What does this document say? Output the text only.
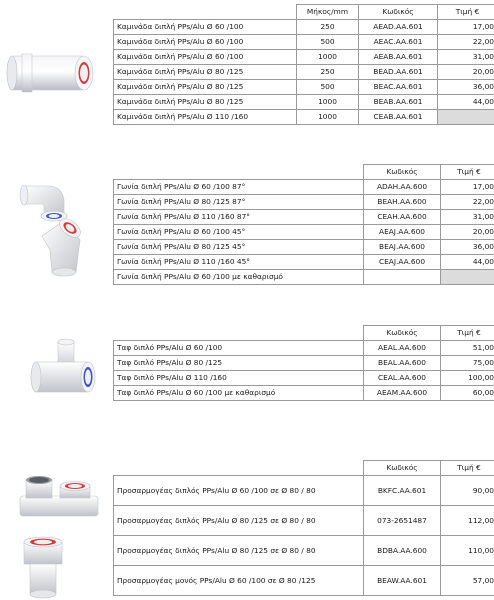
	Μήκος/mm	Κωδικός	Τιμή €
Καμινάδα διπλή PPs/Alu Ø 60 /100	250	AEAD.AA.601	17,00
Καμινάδα διπλή PPs/Alu Ø 60 /100	500	AEAC.AA.601	22,00
Καμινάδα διπλή PPs/Alu Ø 60 /100	1000	AEAB.AA.601	31,00
Καμινάδα διπλή PPs/Alu Ø 80 /125	250	BEAD.AA.601	20,00
Καμινάδα διπλή PPs/Alu Ø 80 /125	500	BEAC.AA.601	36,00
Καμινάδα διπλή PPs/Alu Ø 80 /125	1000	BEAB.AA.601	44,00
Καμινάδα διπλή PPs/Alu Ø 110 /160	1000	CEAB.AA.601	
	Κωδικός	Τιμή €
Γωνία διπλή PPs/Alu Ø 60 /100 87°	ADAH.AA.600	17,00
Γωνία διπλή PPs/Alu Ø 80 /125 87°	BEAH.AA.600	22,00
Γωνία διπλή PPs/Alu Ø 110 /160 87°	CEAH.AA.600	31,00
Γωνία διπλή PPs/Alu Ø 60 /100 45°	AEAJ.AA.600	20,00
Γωνία διπλή PPs/Alu Ø 80 /125 45°	BEAJ.AA.600	36,00
Γωνία διπλή PPs/Alu Ø 110 /160 45°	CEAJ.AA.600	44,00
Γωνία διπλή PPs/Alu Ø 60 /100 με καθαρισμό		
	Κωδικός	Τιμή €
Ταφ διπλό PPs/Alu Ø 60 /100	AEAL.AA.600	51,00
Ταφ διπλό PPs/Alu Ø 80 /125	BEAL.AA.600	75,00
Ταφ διπλό PPs/Alu Ø 110 /160	CEAL.AA.600	100,00
Ταφ διπλό PPs/Alu Ø 60 /100 με καθαρισμό	AEAM.AA.600	60,00
	Κωδικός	Τιμή €
Προσαρμογέας διπλός PPs/Alu Ø 60 /100 σε Ø 80 / 80	BKFC.AA.601	90,00
Προσαρμογέας διπλός PPs/Alu Ø 80 /125 σε Ø 80 / 80	073-2651487	112,00
Προσαρμογέας διπλός PPs/Alu Ø 80 /125 σε Ø 80 / 80	BDBA.AA.600	110,00
Προσαρμογέας μονός PPs/Alu Ø 60 /100 σε Ø 80 /125	BEAW.AA.601	57,00
